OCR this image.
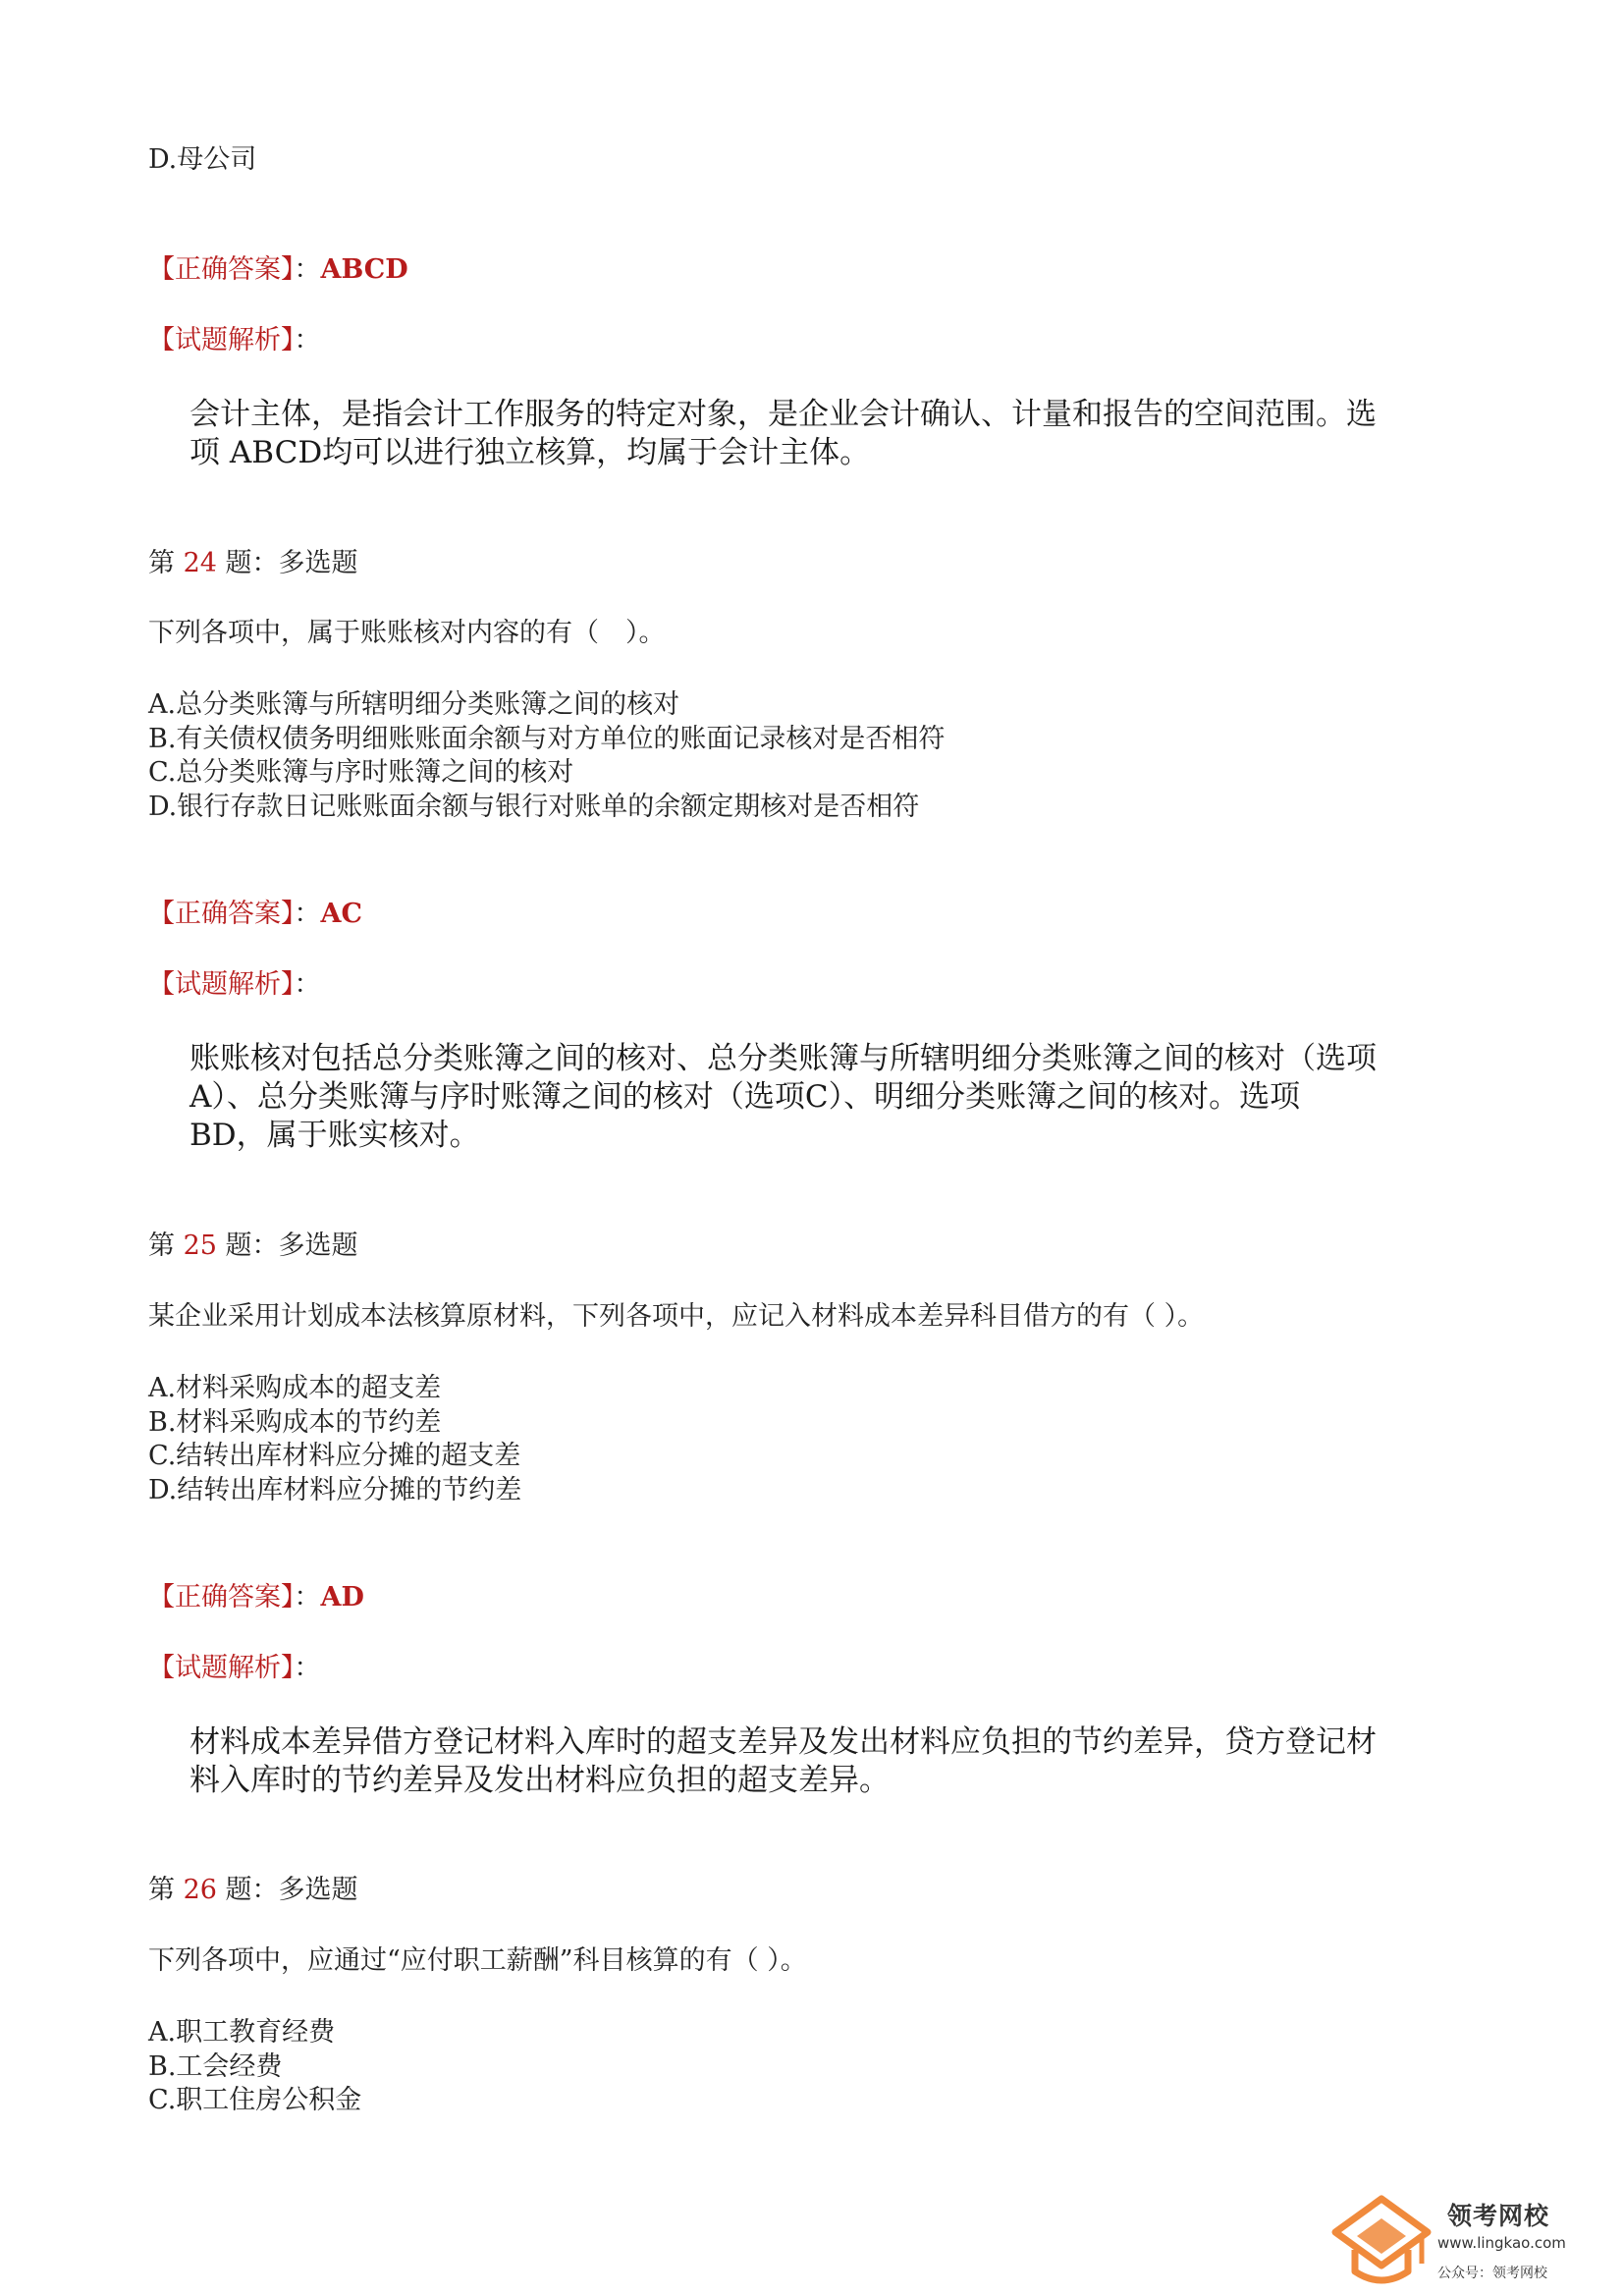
D.母公司
【正确答案】：ABCD
【试题解析】：

会计主体，是指会计工作服务的特定对象，是企业会计确认、计量和报告的空间范围。选

项 ABCD均可以进行独立核算，均属于会计主体。

第 24 题：多选题
下列各项中，属于账账核对内容的有（　）。
A.总分类账簿与所辖明细分类账簿之间的核对
B.有关债权债务明细账账面余额与对方单位的账面记录核对是否相符
C.总分类账簿与序时账簿之间的核对
D.银行存款日记账账面余额与银行对账单的余额定期核对是否相符
【正确答案】：AC
【试题解析】：

账账核对包括总分类账簿之间的核对、总分类账簿与所辖明细分类账簿之间的核对（选项

A）、总分类账簿与序时账簿之间的核对（选项C）、明细分类账簿之间的核对。选项

BD，属于账实核对。

第 25 题：多选题
某企业采用计划成本法核算原材料，下列各项中，应记入材料成本差异科目借方的有（ ）。
A.材料采购成本的超支差
B.材料采购成本的节约差
C.结转出库材料应分摊的超支差
D.结转出库材料应分摊的节约差
【正确答案】：AD
【试题解析】：

材料成本差异借方登记材料入库时的超支差异及发出材料应负担的节约差异，贷方登记材

料入库时的节约差异及发出材料应负担的超支差异。

第 26 题：多选题
下列各项中，应通过“应付职工薪酬”科目核算的有（ ）。
A.职工教育经费
B.工会经费
C.职工住房公积金
领考网校
www.lingkao.com
公众号：领考网校
